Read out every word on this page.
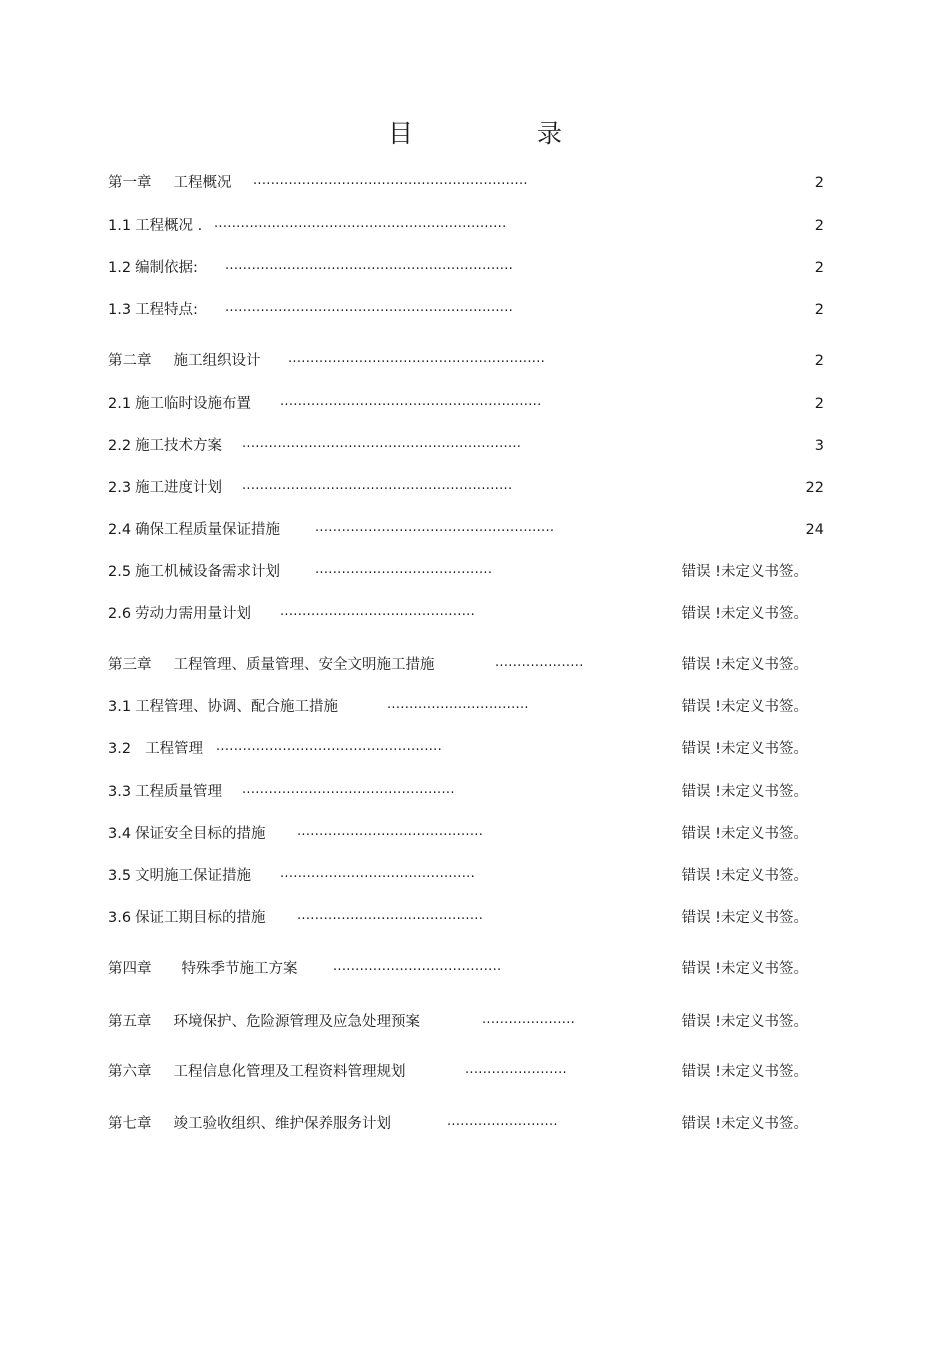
目 录
第一章 工程概况 ..............................................................	2
1.1 工程概况 . ..................................................................	2
1.2 编制依据: .................................................................	2
1.3 工程特点: .................................................................	2
第二章 施工组织设计 ..........................................................	2
2.1 施工临时设施布置 ...........................................................	2
2.2 施工技术方案 ...............................................................	3
2.3 施工进度计划 .............................................................	22
2.4 确保工程质量保证措施	......................................................	24
2.5 施工机械设备需求计划	........................................	错误 !未定义书签。
2.6 劳动力需用量计划 ............................................	错误 !未定义书签。
第三章 工程管理、质量管理、安全文明施工措施	....................	错误 !未定义书签。
3.1 工程管理、协调、配合施工措施	................................	错误 !未定义书签。
3.2 工程管理 ...................................................	错误 !未定义书签。
3.3 工程质量管理 ................................................	错误 !未定义书签。
3.4 保证安全目标的措施 ..........................................	错误 !未定义书签。
3.5 文明施工保证措施 ............................................	错误 !未定义书签。
3.6 保证工期目标的措施 ..........................................	错误 !未定义书签。
第四章 特殊季节施工方案	......................................	错误 !未定义书签。
第五章 环境保护、危险源管理及应急处理预案	.....................	错误 !未定义书签。
第六章 工程信息化管理及工程资料管理规划	.......................	错误 !未定义书签。
第七章 竣工验收组织、维护保养服务计划	.........................	错误 !未定义书签。
